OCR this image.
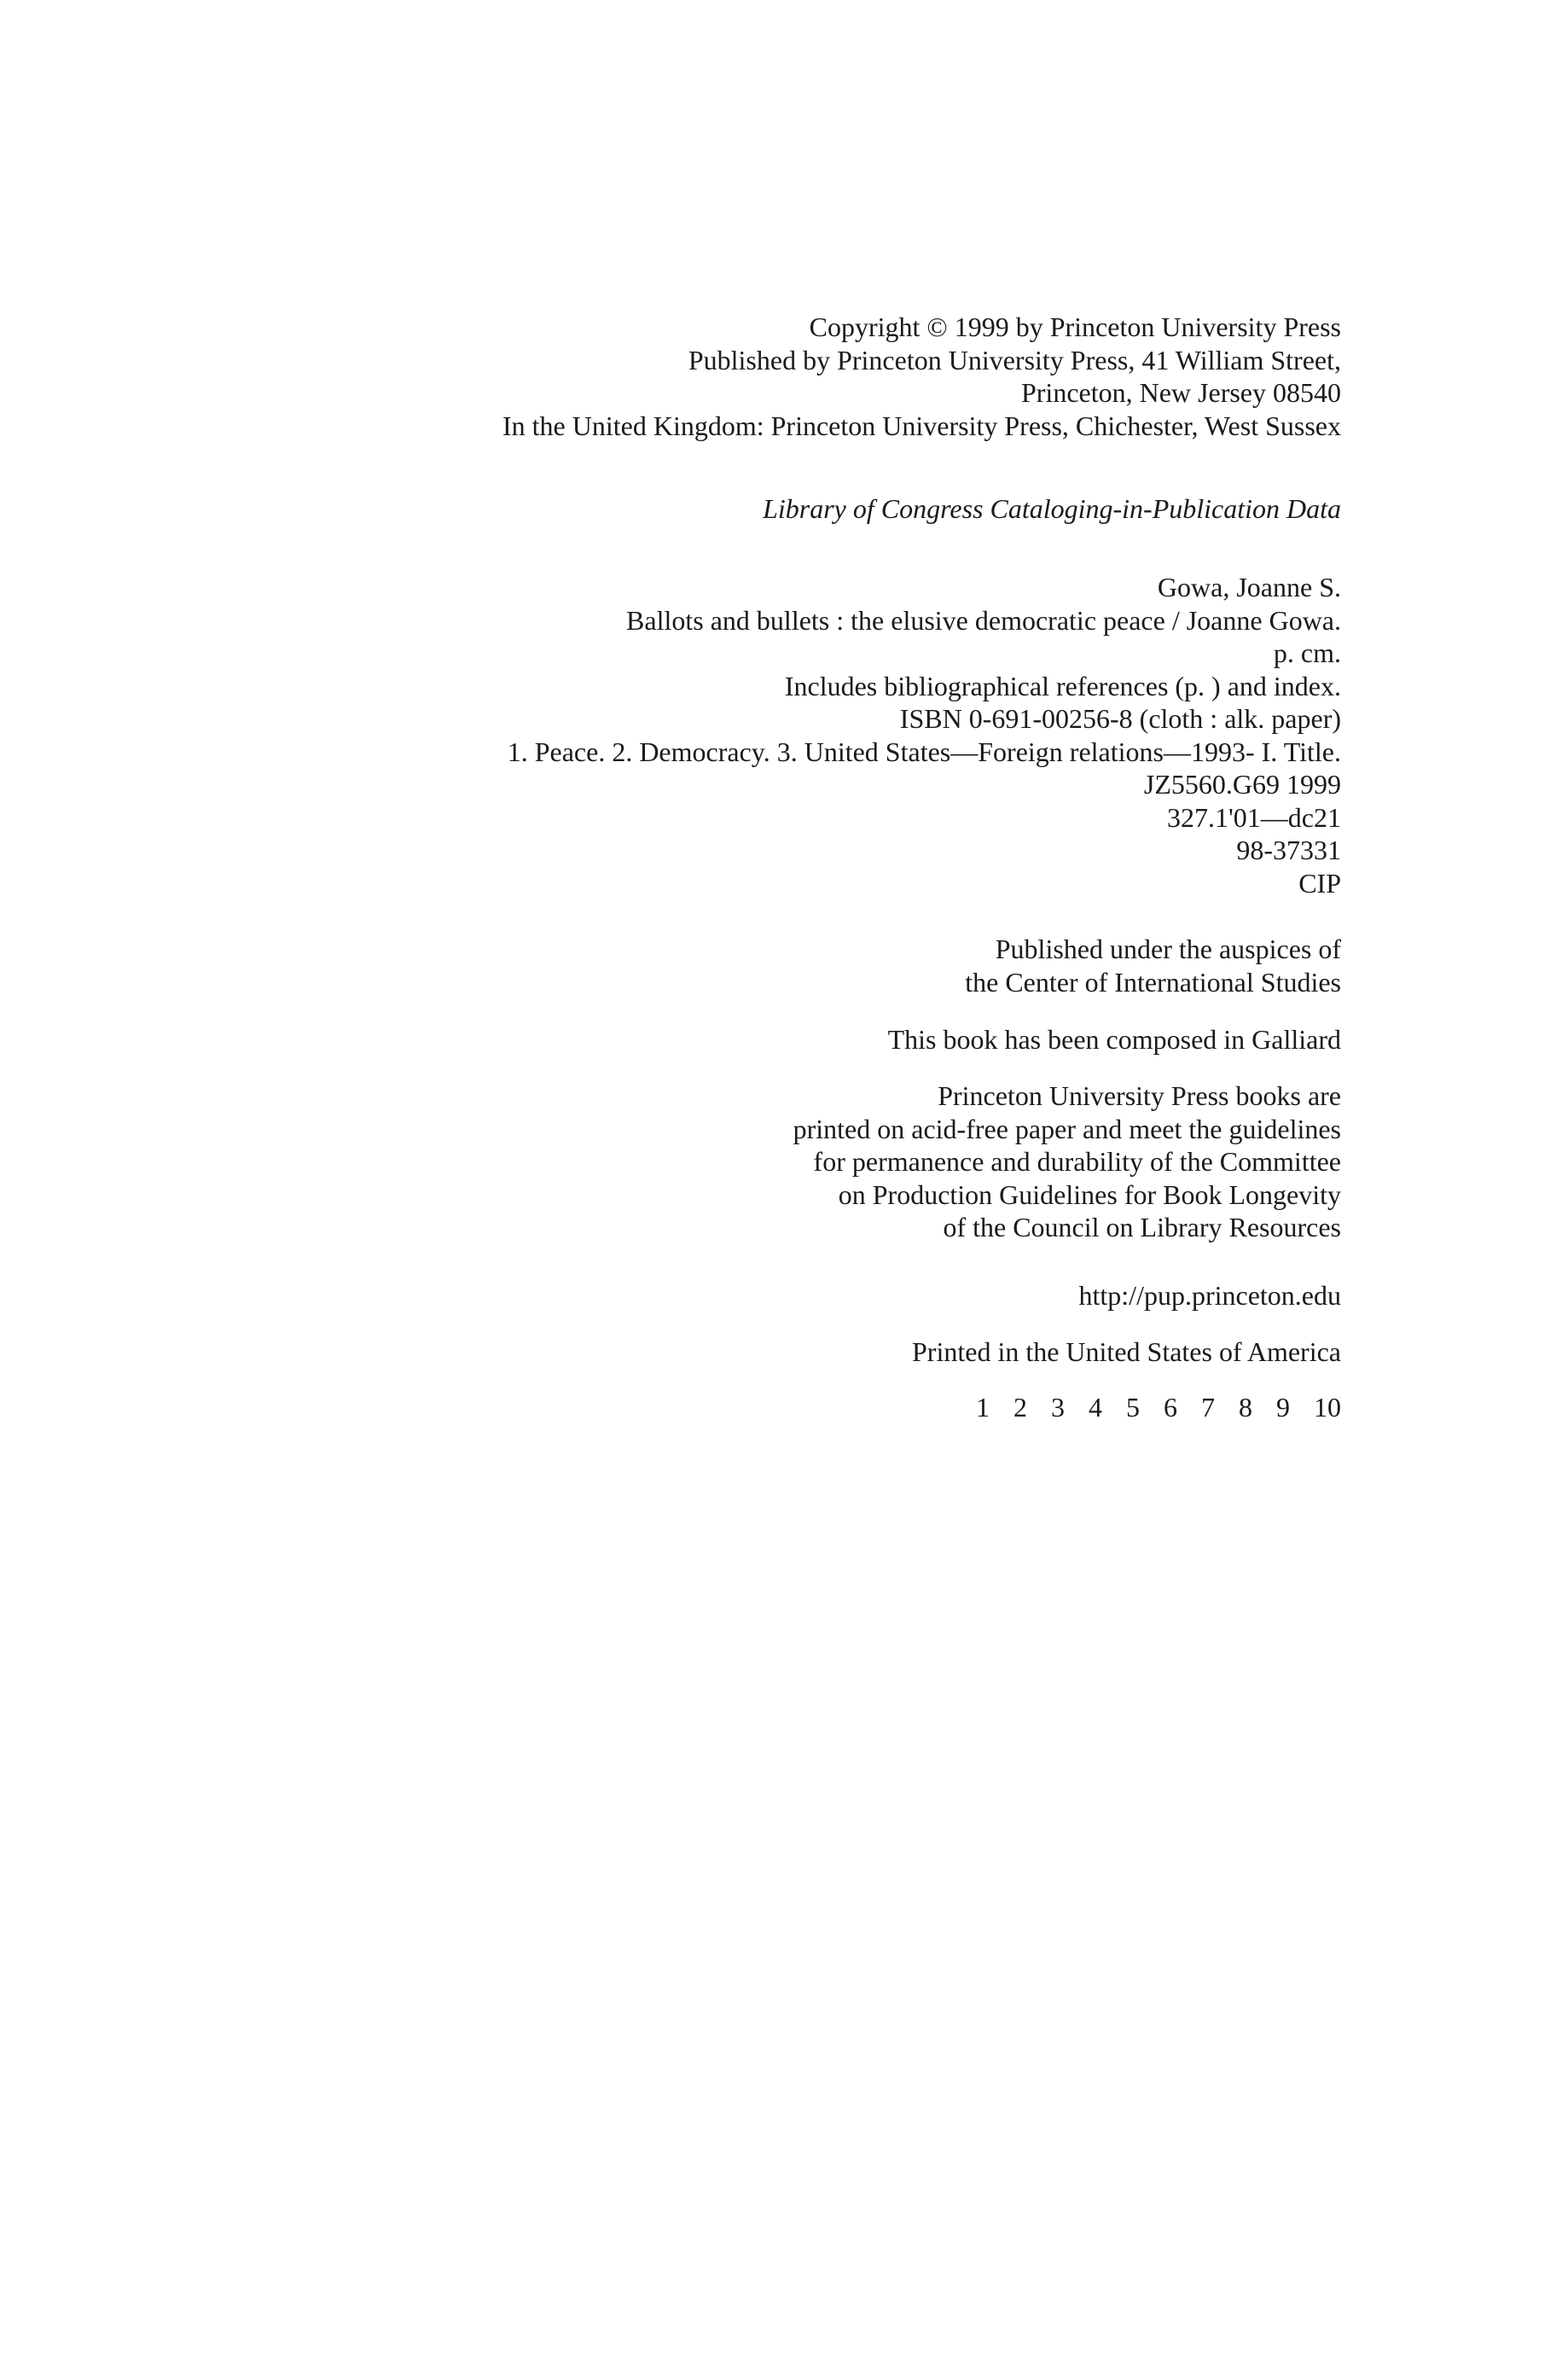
Copyright © 1999 by Princeton University Press
Published by Princeton University Press, 41 William Street,
Princeton, New Jersey 08540
In the United Kingdom: Princeton University Press, Chichester, West Sussex
Library of Congress Cataloging-in-Publication Data
Gowa, Joanne S.
Ballots and bullets : the elusive democratic peace / Joanne Gowa.
p. cm.
Includes bibliographical references (p. ) and index.
ISBN 0-691-00256-8 (cloth : alk. paper)
1. Peace. 2. Democracy. 3. United States—Foreign relations—1993- I. Title.
JZ5560.G69 1999
327.1'01—dc21
98-37331
CIP
Published under the auspices of
the Center of International Studies
This book has been composed in Galliard
Princeton University Press books are
printed on acid-free paper and meet the guidelines
for permanence and durability of the Committee
on Production Guidelines for Book Longevity
of the Council on Library Resources
http://pup.princeton.edu
Printed in the United States of America
1 2 3 4 5 6 7 8 9 10
